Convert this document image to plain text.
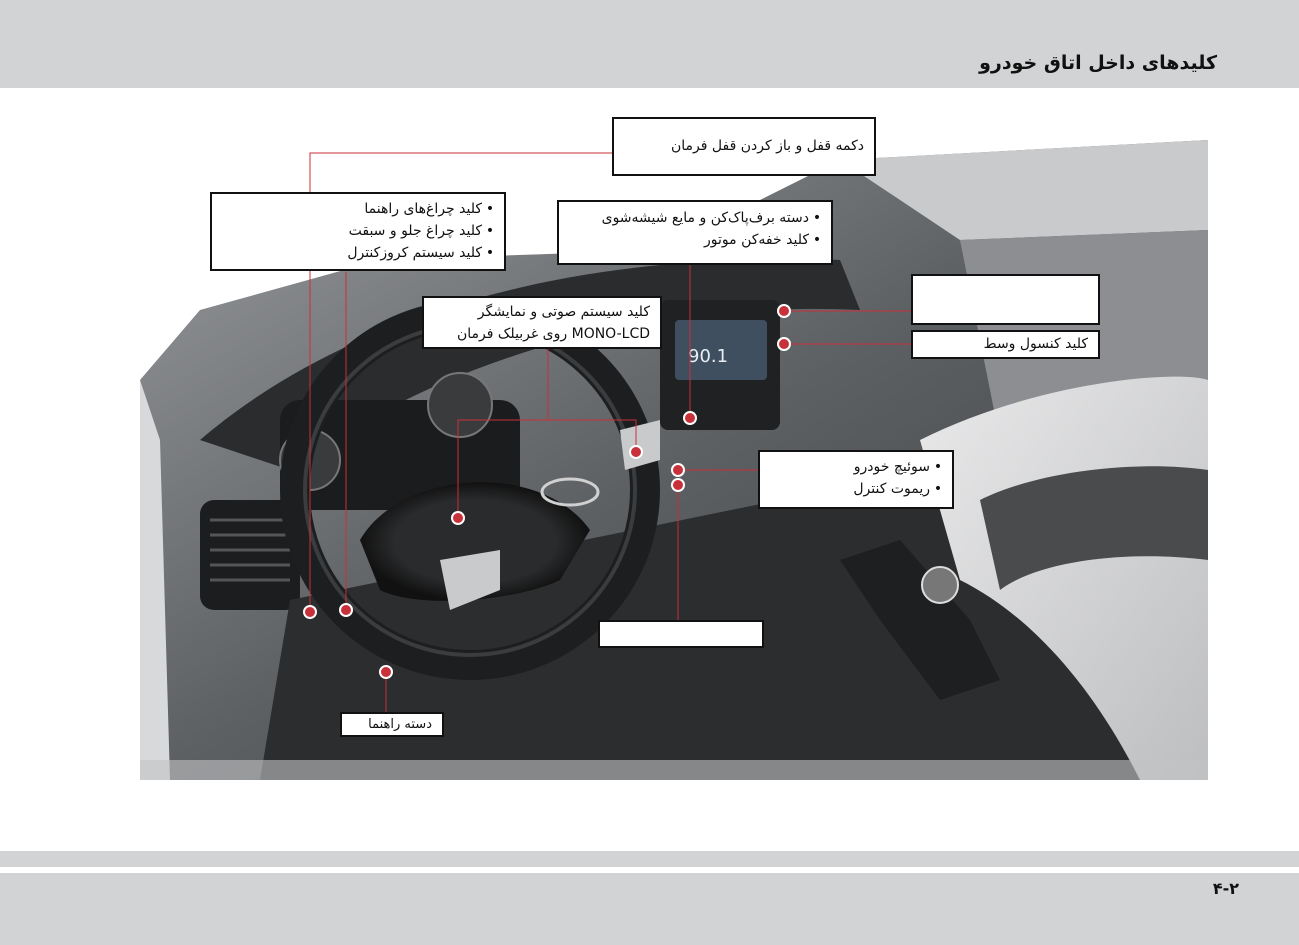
کلیدهای داخل اتاق خودرو
90.1
دکمه قفل و باز کردن قفل فرمان
• کلید چراغ‌های راهنما
• کلید چراغ جلو و سبقت
• کلید سیستم کروزکنترل
• دسته برف‌پاک‌کن و مایع شیشه‌شوی
• کلید خفه‌کن موتور
کلید سیستم صوتی و نمایشگر
MONO-LCD روی غربیلک فرمان
کلید کنسول وسط
• سوئیچ خودرو
• ریموت کنترل
دسته راهنما
۴-۲
